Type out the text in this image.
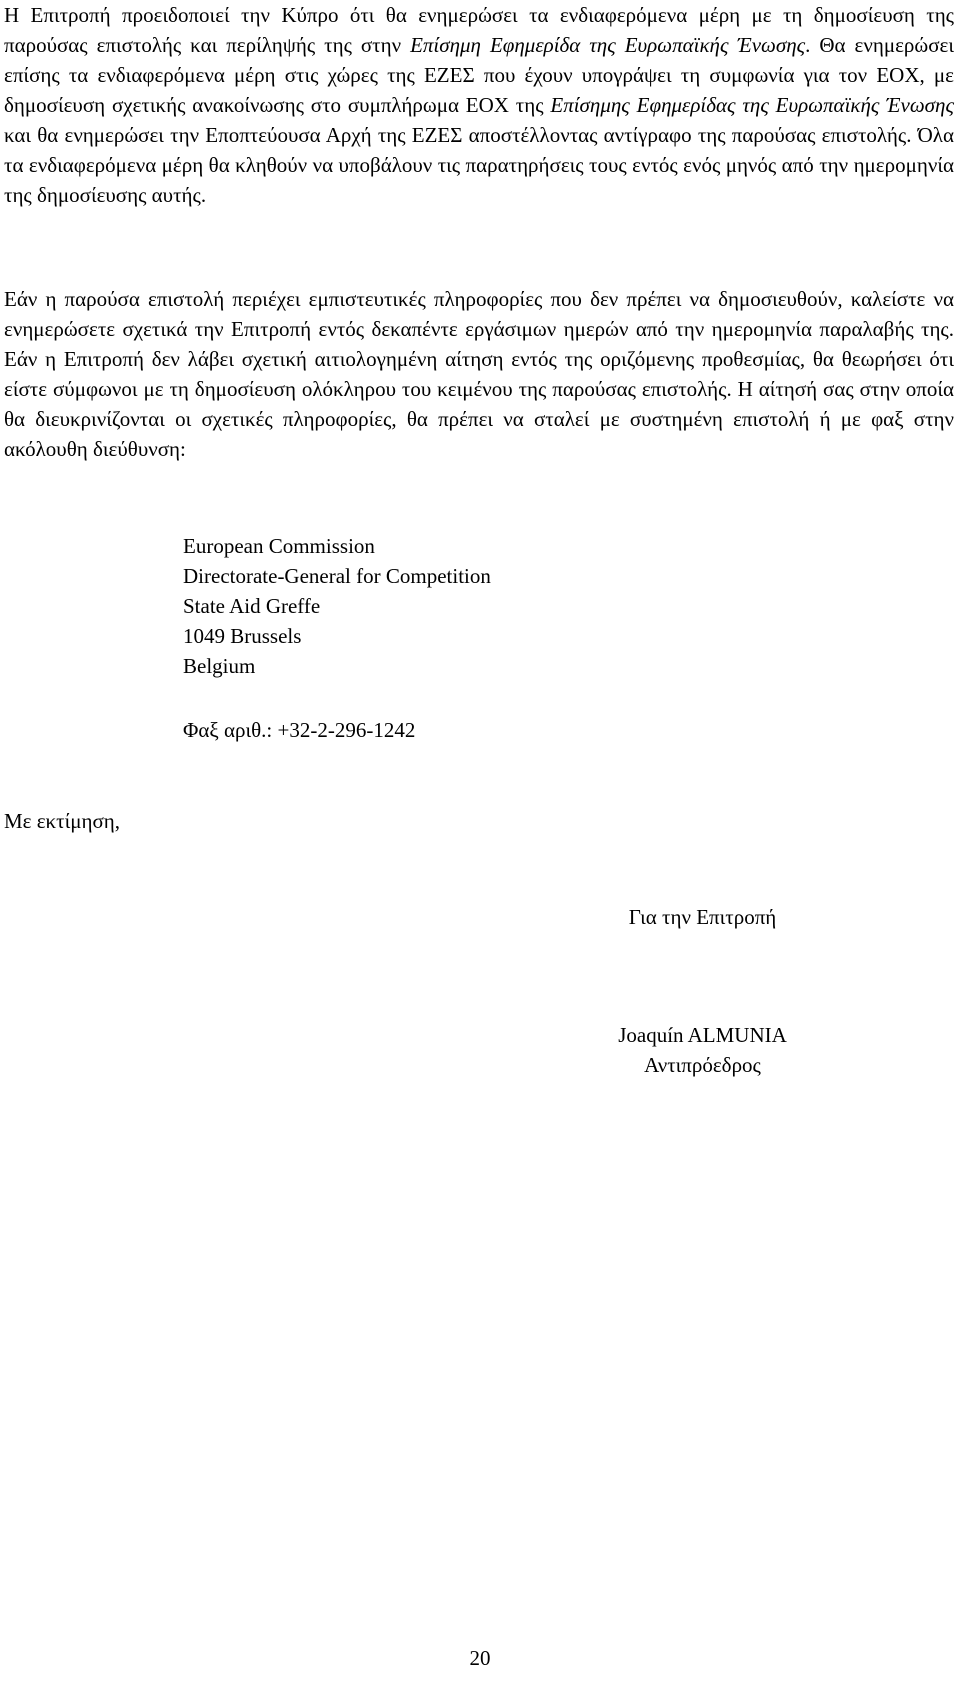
Η Επιτροπή προειδοποιεί την Κύπρο ότι θα ενημερώσει τα ενδιαφερόμενα μέρη με τη δημοσίευση της παρούσας επιστολής και περίληψής της στην Επίσημη Εφημερίδα της Ευρωπαϊκής Ένωσης. Θα ενημερώσει επίσης τα ενδιαφερόμενα μέρη στις χώρες της ΕΖΕΣ που έχουν υπογράψει τη συμφωνία για τον ΕΟΧ, με δημοσίευση σχετικής ανακοίνωσης στο συμπλήρωμα ΕΟΧ της Επίσημης Εφημερίδας της Ευρωπαϊκής Ένωσης και θα ενημερώσει την Εποπτεύουσα Αρχή της ΕΖΕΣ αποστέλλοντας αντίγραφο της παρούσας επιστολής. Όλα τα ενδιαφερόμενα μέρη θα κληθούν να υποβάλουν τις παρατηρήσεις τους εντός ενός μηνός από την ημερομηνία της δημοσίευσης αυτής.

Εάν η παρούσα επιστολή περιέχει εμπιστευτικές πληροφορίες που δεν πρέπει να δημοσιευθούν, καλείστε να ενημερώσετε σχετικά την Επιτροπή εντός δεκαπέντε εργάσιμων ημερών από την ημερομηνία παραλαβής της. Εάν η Επιτροπή δεν λάβει σχετική αιτιολογημένη αίτηση εντός της οριζόμενης προθεσμίας, θα θεωρήσει ότι είστε σύμφωνοι με τη δημοσίευση ολόκληρου του κειμένου της παρούσας επιστολής. Η αίτησή σας στην οποία θα διευκρινίζονται οι σχετικές πληροφορίες, θα πρέπει να σταλεί με συστημένη επιστολή ή με φαξ στην ακόλουθη διεύθυνση:

European Commission
Directorate-General for Competition
State Aid Greffe
1049 Brussels
Belgium
Φαξ αριθ.: +32-2-296-1242
Με εκτίμηση,
Για την Επιτροπή
Joaquín ALMUNIA
Αντιπρόεδρος
20
